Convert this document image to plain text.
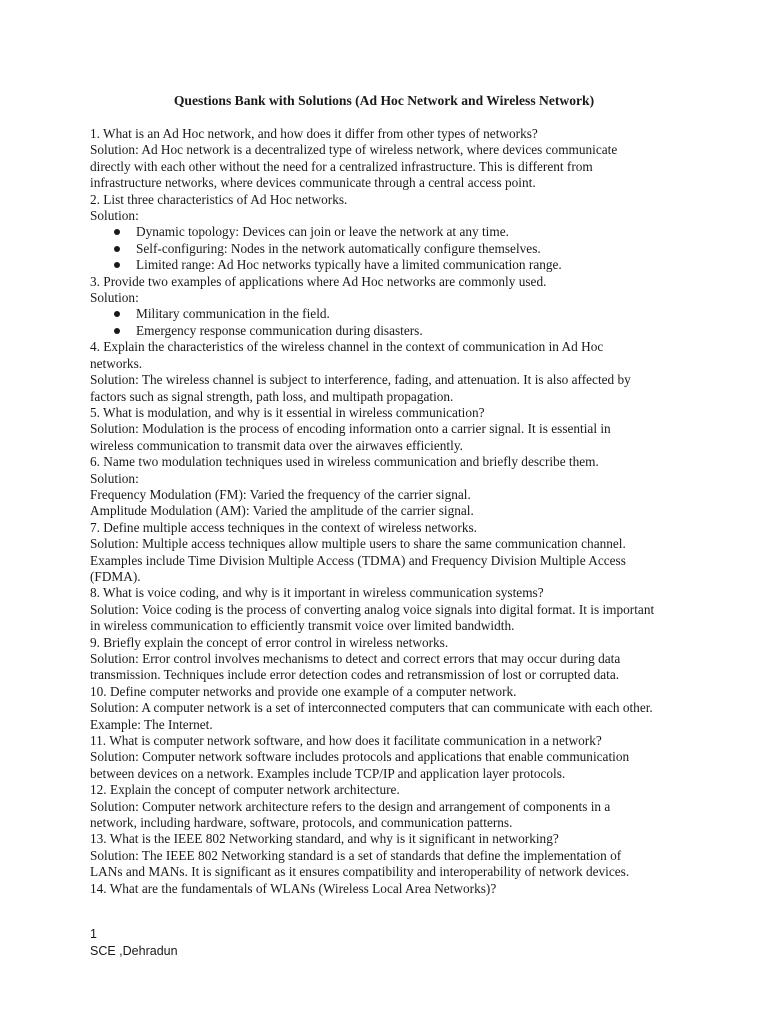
Questions Bank with Solutions (Ad Hoc Network and Wireless Network)
1. What is an Ad Hoc network, and how does it differ from other types of networks?
Solution: Ad Hoc network is a decentralized type of wireless network, where devices communicate
directly with each other without the need for a centralized infrastructure. This is different from
infrastructure networks, where devices communicate through a central access point.
2. List three characteristics of Ad Hoc networks.
Solution:
Dynamic topology: Devices can join or leave the network at any time.
Self-configuring: Nodes in the network automatically configure themselves.
Limited range: Ad Hoc networks typically have a limited communication range.
3. Provide two examples of applications where Ad Hoc networks are commonly used.
Solution:
Military communication in the field.
Emergency response communication during disasters.
4. Explain the characteristics of the wireless channel in the context of communication in Ad Hoc
networks.
Solution: The wireless channel is subject to interference, fading, and attenuation. It is also affected by
factors such as signal strength, path loss, and multipath propagation.
5. What is modulation, and why is it essential in wireless communication?
Solution: Modulation is the process of encoding information onto a carrier signal. It is essential in
wireless communication to transmit data over the airwaves efficiently.
6. Name two modulation techniques used in wireless communication and briefly describe them.
Solution:
Frequency Modulation (FM): Varied the frequency of the carrier signal.
Amplitude Modulation (AM): Varied the amplitude of the carrier signal.
7. Define multiple access techniques in the context of wireless networks.
Solution: Multiple access techniques allow multiple users to share the same communication channel.
Examples include Time Division Multiple Access (TDMA) and Frequency Division Multiple Access
(FDMA).
8. What is voice coding, and why is it important in wireless communication systems?
Solution: Voice coding is the process of converting analog voice signals into digital format. It is important
in wireless communication to efficiently transmit voice over limited bandwidth.
9. Briefly explain the concept of error control in wireless networks.
Solution: Error control involves mechanisms to detect and correct errors that may occur during data
transmission. Techniques include error detection codes and retransmission of lost or corrupted data.
10. Define computer networks and provide one example of a computer network.
Solution: A computer network is a set of interconnected computers that can communicate with each other.
Example: The Internet.
11. What is computer network software, and how does it facilitate communication in a network?
Solution: Computer network software includes protocols and applications that enable communication
between devices on a network. Examples include TCP/IP and application layer protocols.
12. Explain the concept of computer network architecture.
Solution: Computer network architecture refers to the design and arrangement of components in a
network, including hardware, software, protocols, and communication patterns.
13. What is the IEEE 802 Networking standard, and why is it significant in networking?
Solution: The IEEE 802 Networking standard is a set of standards that define the implementation of
LANs and MANs. It is significant as it ensures compatibility and interoperability of network devices.
14. What are the fundamentals of WLANs (Wireless Local Area Networks)?
1
SCE ,Dehradun
